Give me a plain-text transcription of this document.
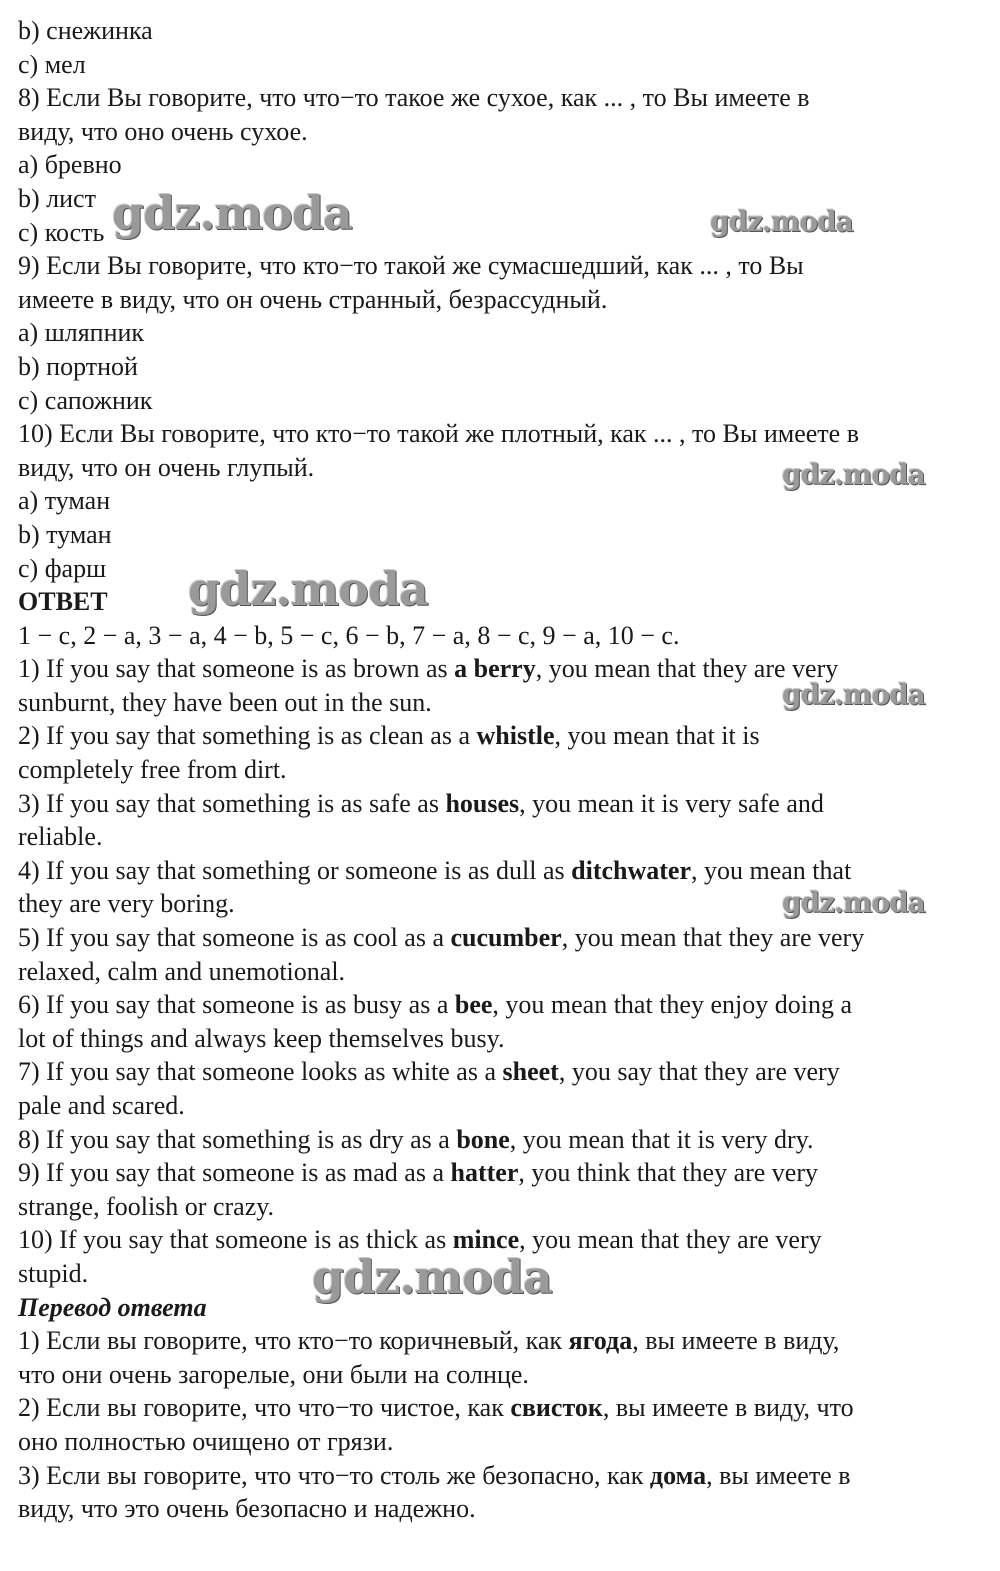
b) снежинка
c) мел
8) Если Вы говорите, что что−то такое же сухое, как ... , то Вы имеете в
виду, что оно очень сухое.
a) бревно
b) лист
c) кость
9) Если Вы говорите, что кто−то такой же сумасшедший, как ... , то Вы
имеете в виду, что он очень странный, безрассудный.
a) шляпник
b) портной
c) сапожник
10) Если Вы говорите, что кто−то такой же плотный, как ... , то Вы имеете в
виду, что он очень глупый.
a) туман
b) туман
c) фарш
ОТВЕТ
1 − c, 2 − a, 3 − a, 4 − b, 5 − c, 6 − b, 7 − a, 8 − c, 9 − a, 10 − c.
1) If you say that someone is as brown as a berry, you mean that they are very
sunburnt, they have been out in the sun.
2) If you say that something is as clean as a whistle, you mean that it is
completely free from dirt.
3) If you say that something is as safe as houses, you mean it is very safe and
reliable.
4) If you say that something or someone is as dull as ditchwater, you mean that
they are very boring.
5) If you say that someone is as cool as a cucumber, you mean that they are very
relaxed, calm and unemotional.
6) If you say that someone is as busy as a bee, you mean that they enjoy doing a
lot of things and always keep themselves busy.
7) If you say that someone looks as white as a sheet, you say that they are very
pale and scared.
8) If you say that something is as dry as a bone, you mean that it is very dry.
9) If you say that someone is as mad as a hatter, you think that they are very
strange, foolish or crazy.
10) If you say that someone is as thick as mince, you mean that they are very
stupid.
Перевод ответа
1) Если вы говорите, что кто−то коричневый, как ягода, вы имеете в виду,
что они очень загорелые, они были на солнце.
2) Если вы говорите, что что−то чистое, как свисток, вы имеете в виду, что
оно полностью очищено от грязи.
3) Если вы говорите, что что−то столь же безопасно, как дома, вы имеете в
виду, что это очень безопасно и надежно.
gdz.moda	gdz.moda
gdz.moda
gdz.moda
gdz.moda
gdz.moda
gdz.moda
